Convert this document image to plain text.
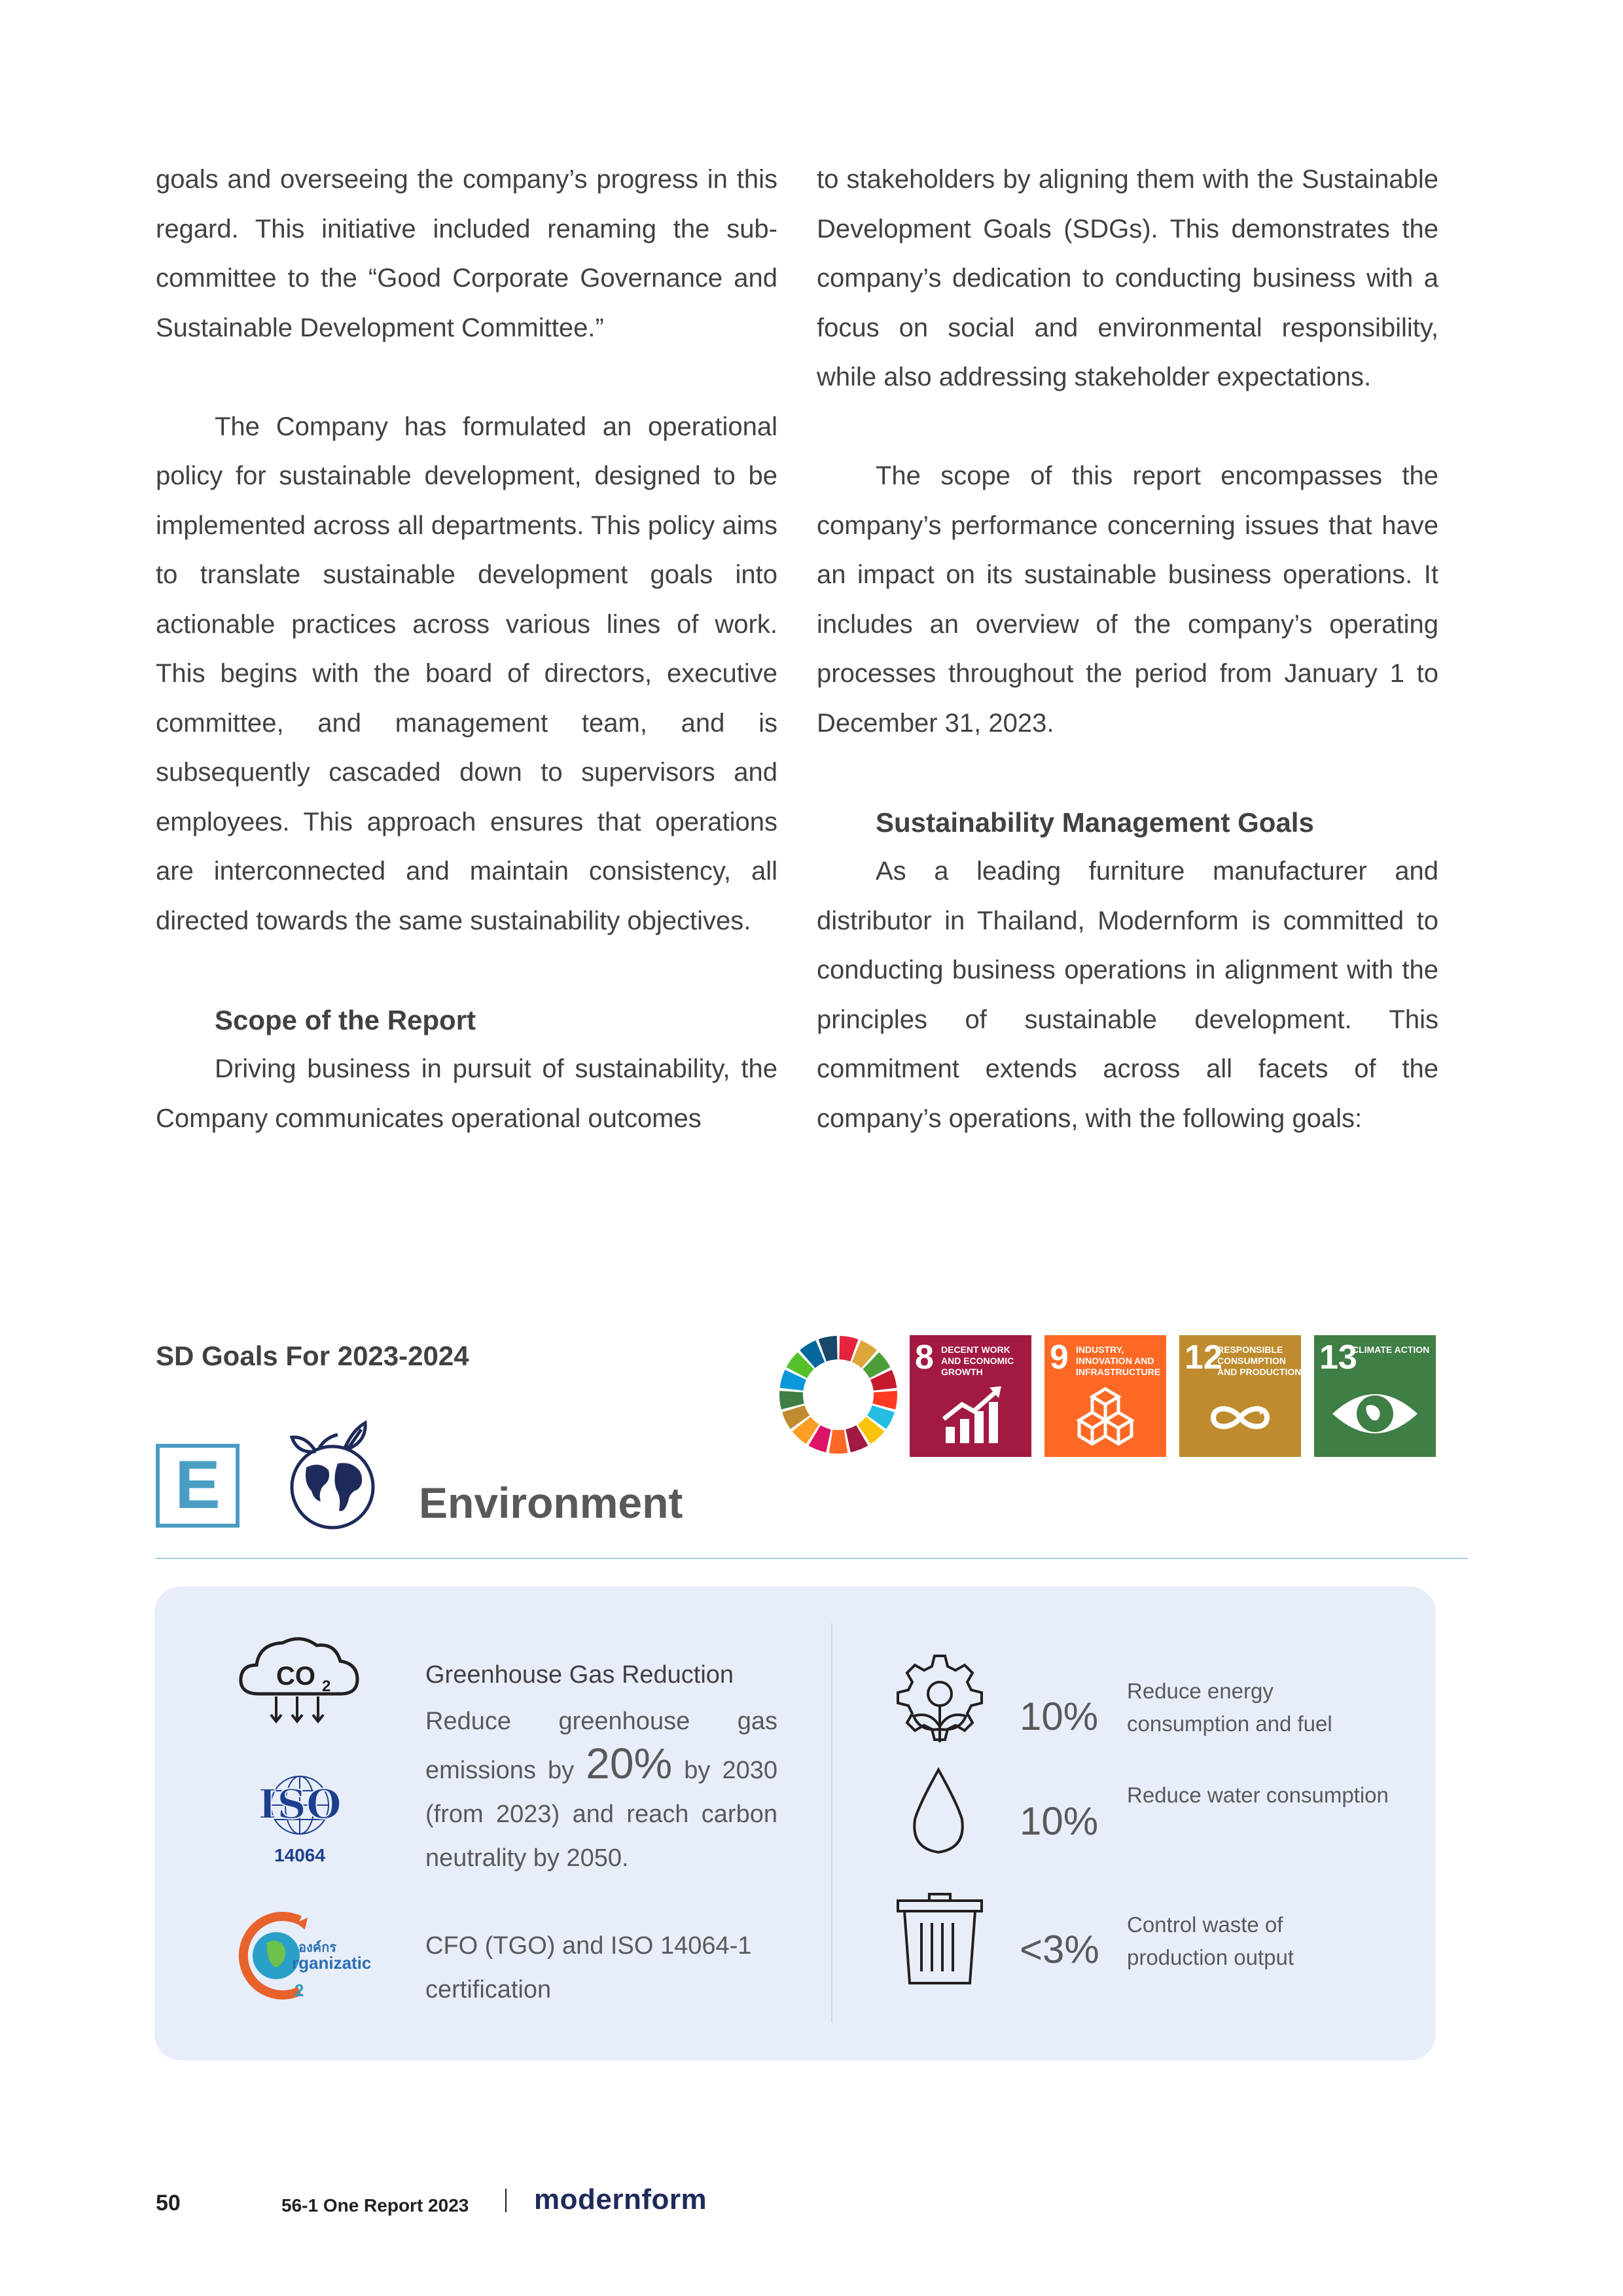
goals and overseeing the company’s progress in this regard. This initiative included renaming the sub-committee to the “Good Corporate Governance and Sustainable Development Committee.”

The Company has formulated an operational policy for sustainable development, designed to be implemented across all departments. This policy aims to translate sustainable development goals into actionable practices across various lines of work. This begins with the board of directors, executive committee, and management team, and is subsequently cascaded down to supervisors and employees. This approach ensures that operations are interconnected and maintain consistency, all directed towards the same sustainability objectives.

Scope of the Report

Driving business in pursuit of sustainability, the Company communicates operational outcomes

to stakeholders by aligning them with the Sustainable Development Goals (SDGs). This demonstrates the company’s dedication to conducting business with a focus on social and environmental responsibility, while also addressing stakeholder expectations.

The scope of this report encompasses the company’s performance concerning issues that have an impact on its sustainable business operations. It includes an overview of the company’s operating processes throughout the period from January 1 to December 31, 2023.

Sustainability Management Goals

As a leading furniture manufacturer and distributor in Thailand, Modernform is committed to conducting business operations in alignment with the principles of sustainable development. This commitment extends across all facets of the company’s operations, with the following goals:

SD Goals For 2023-2024	8 DECENT WORK AND ECONOMIC GROWTH	9 INDUSTRY, INNOVATION AND INFRASTRUCTURE 12
RESPONSIBLE CONSUMPTION AND PRODUCTION 13
CLIMATE ACTION
E	Environment
CO 2
ISO
14064
องค์กร
rganizatic
2
Greenhouse Gas Reduction
Reduce greenhouse gas emissions by 20% by 2030 (from 2023) and reach carbon neutrality by 2050.
CFO (TGO) and ISO 14064-1 certification
10%
Reduce energy consumption and fuel
10%
Reduce water consumption
<3%
Control waste of production output
50	56-1 One Report 2023 modernform
